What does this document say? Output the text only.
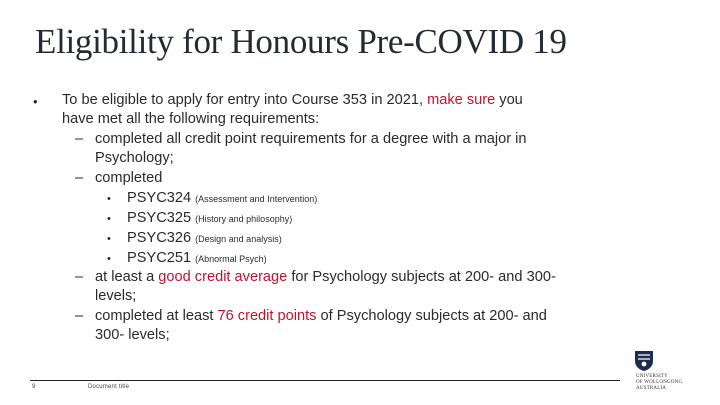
Eligibility for Honours Pre-COVID 19
• To be eligible to apply for entry into Course 353 in 2021, make sure you
have met all the following requirements:
– completed all credit point requirements for a degree with a major in
Psychology;
– completed
• PSYC324 (Assessment and Intervention)
• PSYC325 (History and philosophy)
• PSYC326 (Design and analysis)
• PSYC251 (Abnormal Psych)
– at least a good credit average for Psychology subjects at 200- and 300-
levels;
– completed at least 76 credit points of Psychology subjects at 200- and
300- levels;
9	Document title
UNIVERSITY
OF WOLLONGONG
AUSTRALIA
